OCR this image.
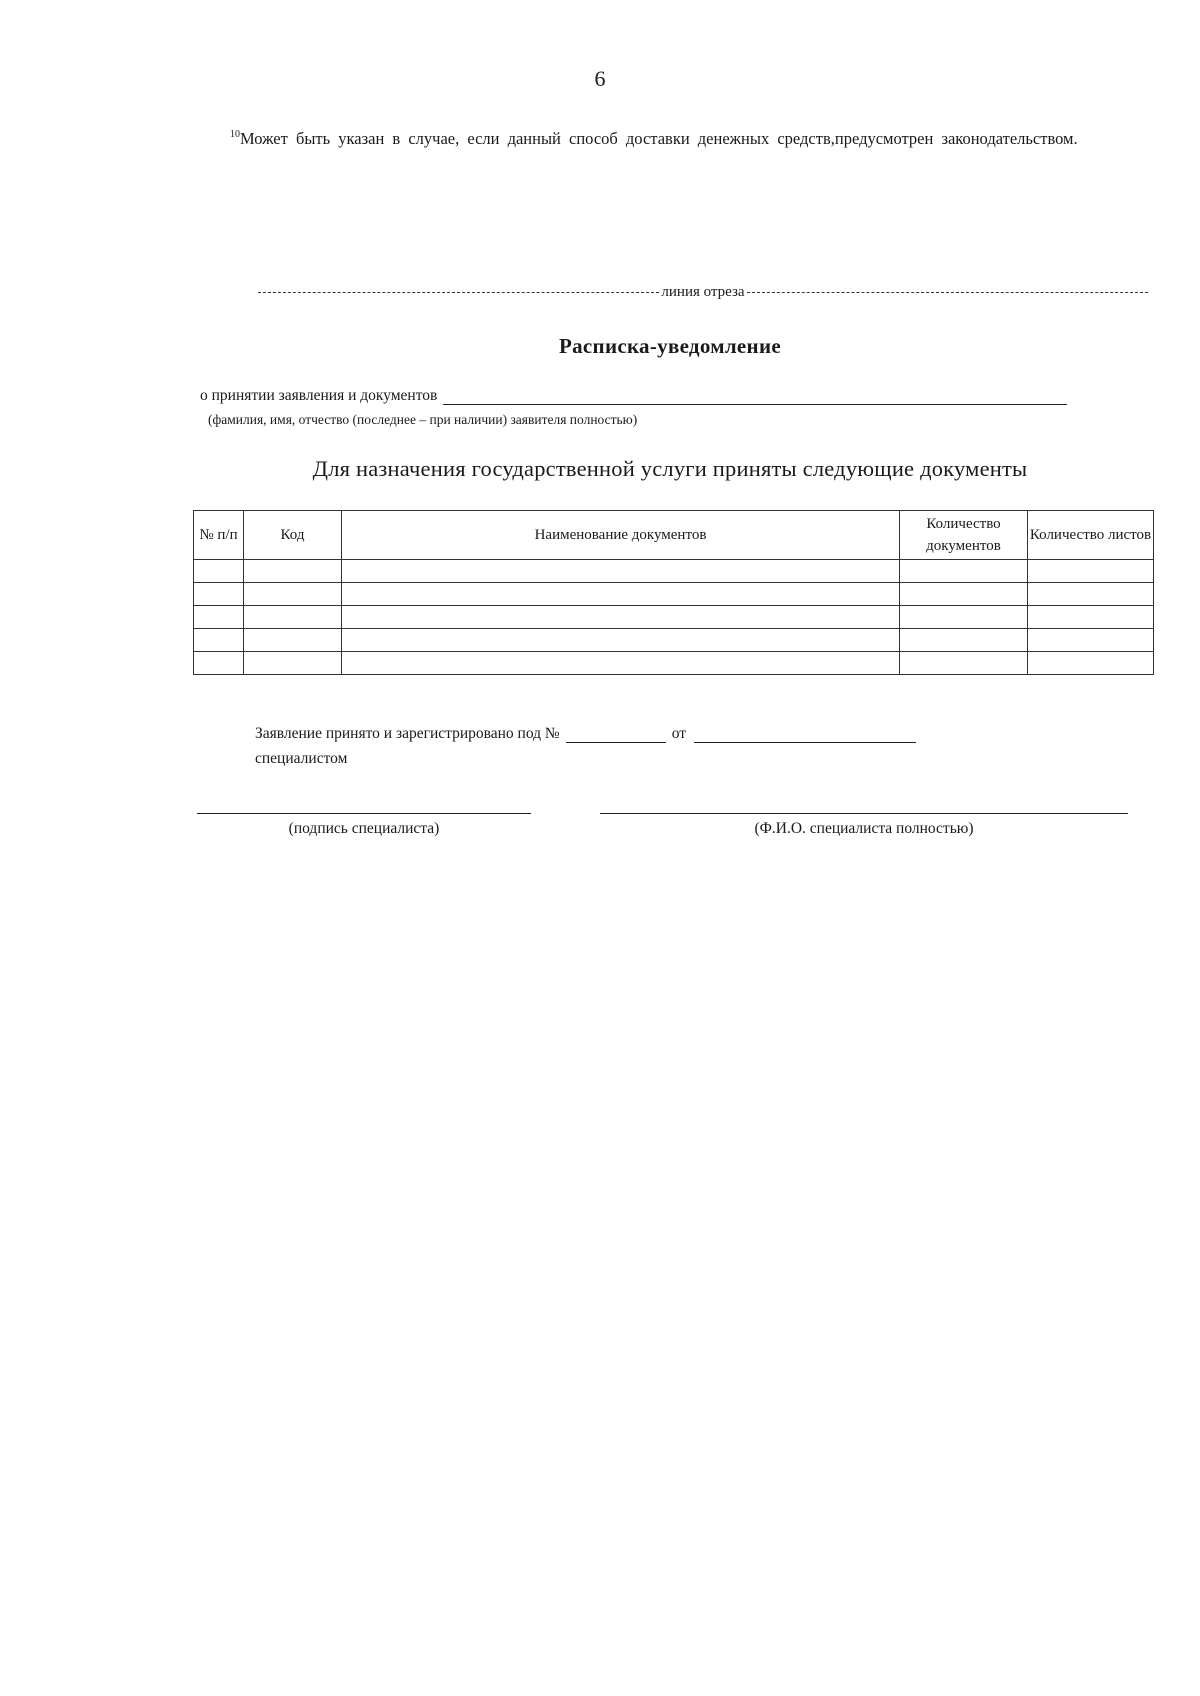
6
$^{10}$Может быть указан в случае, если данный способ доставки денежных средств,предусмотрен законодательством.
линия отреза
Расписка-уведомление
о принятии заявления и документов
(фамилия, имя, отчество (последнее – при наличии) заявителя полностью)
Для назначения государственной услуги приняты следующие документы
№ п/п	Код	Наименование документов	Количество документов	Количество листов

Заявление принято и зарегистрировано под №	от
специалистом
(подпись специалиста)	(Ф.И.О. специалиста полностью)
